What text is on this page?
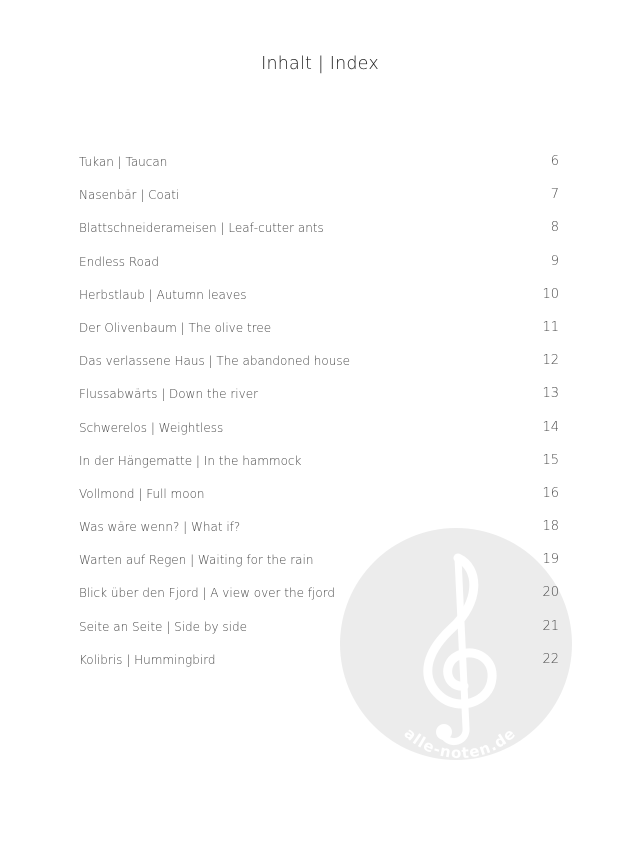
Inhalt | Index
alle-noten.de
Tukan | Taucan	6
Nasenbär | Coati	7
Blattschneiderameisen | Leaf-cutter ants	8
Endless Road	9
Herbstlaub | Autumn leaves	10
Der Olivenbaum | The olive tree	11
Das verlassene Haus | The abandoned house	12
Flussabwärts | Down the river	13
Schwerelos | Weightless	14
In der Hängematte | In the hammock	15
Vollmond | Full moon	16
Was wäre wenn? | What if?	18
Warten auf Regen | Waiting for the rain	19
Blick über den Fjord | A view over the fjord	20
Seite an Seite | Side by side	21
Kolibris | Hummingbird	22
